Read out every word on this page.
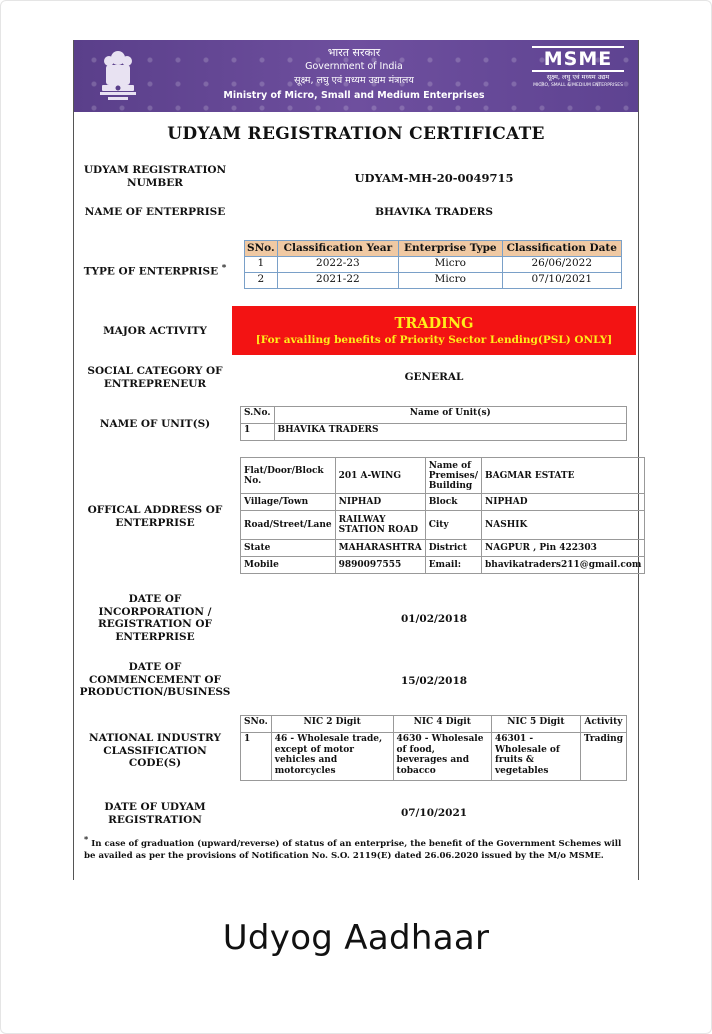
भारत सरकार
Government of India
सूक्ष्म, लघु एवं मध्यम उद्यम मंत्रालय
Ministry of Micro, Small and Medium Enterprises
MSME
सूक्ष्म, लघु एवं मध्यम उद्यम
MICRO, SMALL & MEDIUM ENTERPRISES
UDYAM REGISTRATION CERTIFICATE
UDYAM REGISTRATION NUMBER	UDYAM-MH-20-0049715
NAME OF ENTERPRISE	BHAVIKA TRADERS
TYPE OF ENTERPRISE *
SNo.	Classification Year	Enterprise Type	Classification Date
1	2022-23	Micro	26/06/2022
2	2021-22	Micro	07/10/2021
MAJOR ACTIVITY	TRADING
[For availing benefits of Priority Sector Lending(PSL) ONLY]
SOCIAL CATEGORY OF ENTREPRENEUR
GENERAL
NAME OF UNIT(S)
S.No.	Name of Unit(s)
1	BHAVIKA TRADERS
OFFICAL ADDRESS OF ENTERPRISE
Flat/Door/Block No.	201 A-WING	Name of Premises/ Building	BAGMAR ESTATE
Village/Town	NIPHAD	Block	NIPHAD
Road/Street/Lane	RAILWAY STATION ROAD	City	NASHIK
State	MAHARASHTRA	District	NAGPUR , Pin 422303
Mobile	9890097555	Email:	bhavikatraders211@gmail.com
DATE OF INCORPORATION / REGISTRATION OF ENTERPRISE
01/02/2018
DATE OF COMMENCEMENT OF PRODUCTION/BUSINESS
15/02/2018
NATIONAL INDUSTRY CLASSIFICATION CODE(S)
SNo.	NIC 2 Digit	NIC 4 Digit	NIC 5 Digit	Activity
1	46 - Wholesale trade, except of motor vehicles and motorcycles	4630 - Wholesale of food, beverages and tobacco	46301 - Wholesale of fruits & vegetables	Trading
DATE OF UDYAM REGISTRATION
07/10/2021
* In case of graduation (upward/reverse) of status of an enterprise, the benefit of the Government Schemes will be availed as per the provisions of Notification No. S.O. 2119(E) dated 26.06.2020 issued by the M/o MSME.
Udyog Aadhaar
